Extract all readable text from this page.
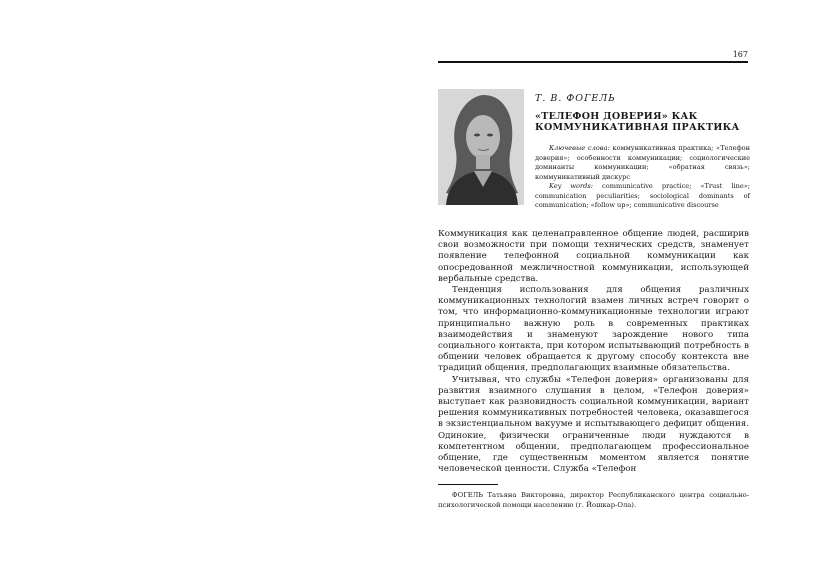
167
Т. В. ФОГЕЛЬ
«ТЕЛЕФОН ДОВЕРИЯ» КАК КОММУНИКАТИВНАЯ ПРАКТИКА

Ключевые слова: коммуникативная практика; «Телефон доверия»; особенности коммуникации; социологические доминанты коммуникации; «обратная связь»; коммуникативный дискурс

Key words: communicative practice; «Trust line»; communication peculiarities; sociological dominants of communication; «follow up»; communicative discourse

Коммуникация как целенаправленное общение людей, расширив свои возможности при помощи технических средств, знаменует появление телефонной социальной коммуникации как опосредованной межличностной коммуникации, использующей вербальные средства.

Тенденция использования для общения различных коммуникационных технологий взамен личных встреч говорит о том, что информационно-коммуникационные технологии играют принципиально важную роль в современных практиках взаимодействия и знаменуют зарождение нового типа социального контакта, при котором испытывающий потребность в общении человек обращается к другому способу контекста вне традиций общения, предполагающих взаимные обязательства.

Учитывая, что службы «Телефон доверия» организованы для развития взаимного слушания в целом, «Телефон доверия» выступает как разновидность социальной коммуникации, вариант решения коммуникативных потребностей человека, оказавшегося в экзистенциальном вакууме и испытывающего дефицит общения. Одинокие, физически ограниченные люди нуждаются в компетентном общении, предполагающем профессиональное общение, где существенным моментом является понятие человеческой ценности. Служба «Телефон

ФОГЕЛЬ Татьяна Викторовна, директор Республиканского центра социально-психологической помощи населению (г. Йошкар-Ола).
